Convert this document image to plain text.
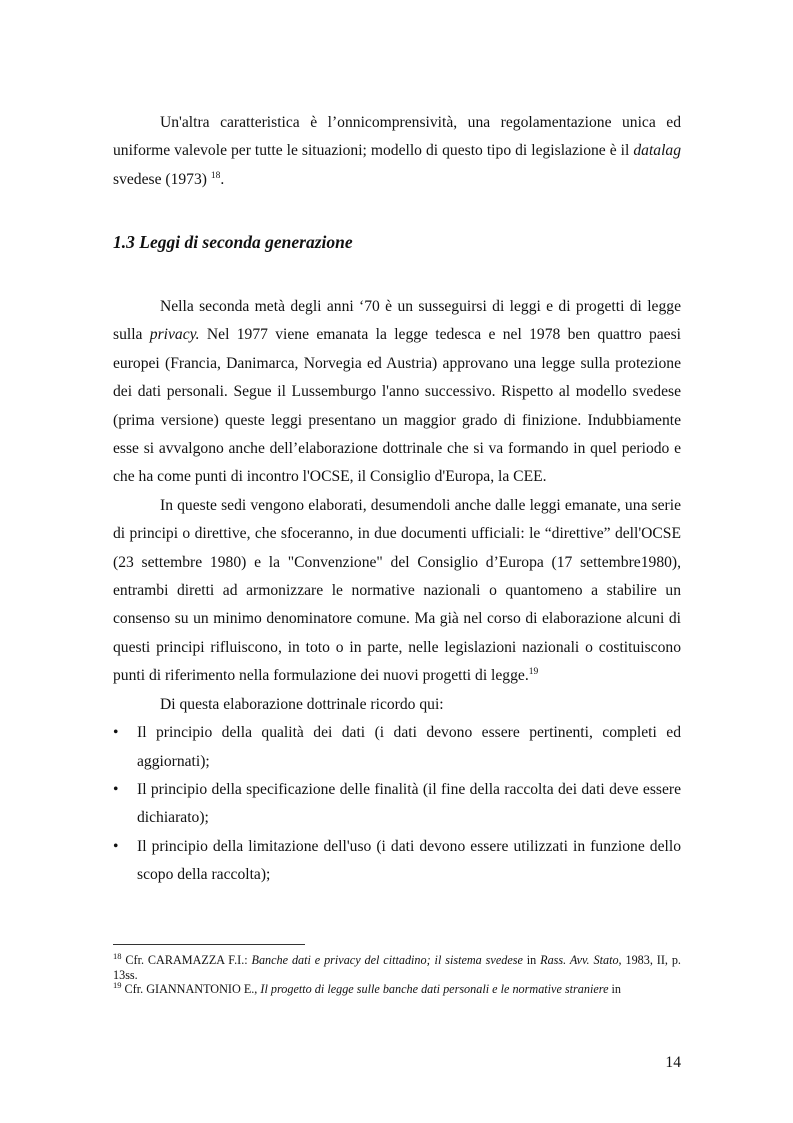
Un'altra caratteristica è l’onnicomprensività, una regolamentazione unica ed uniforme valevole per tutte le situazioni; modello di questo tipo di legislazione è il datalag svedese (1973) $^{18}$.

1.3 Leggi di seconda generazione

Nella seconda metà degli anni ‘70 è un susseguirsi di leggi e di progetti di legge sulla privacy. Nel 1977 viene emanata la legge tedesca e nel 1978 ben quattro paesi europei (Francia, Danimarca, Norvegia ed Austria) approvano una legge sulla protezione dei dati personali. Segue il Lussemburgo l'anno successivo. Rispetto al modello svedese (prima versione) queste leggi presentano un maggior grado di finizione. Indubbiamente esse si avvalgono anche dell’elaborazione dottrinale che si va formando in quel periodo e che ha come punti di incontro l'OCSE, il Consiglio d'Europa, la CEE.

In queste sedi vengono elaborati, desumendoli anche dalle leggi emanate, una serie di principi o direttive, che sfoceranno, in due documenti ufficiali: le “direttive” dell'OCSE (23 settembre 1980) e la "Convenzione" del Consiglio d’Europa (17 settembre1980), entrambi diretti ad armonizzare le normative nazionali o quantomeno a stabilire un consenso su un minimo denominatore comune. Ma già nel corso di elaborazione alcuni di questi principi rifluiscono, in toto o in parte, nelle legislazioni nazionali o costituiscono punti di riferimento nella formulazione dei nuovi progetti di legge.$^{19}$

Di questa elaborazione dottrinale ricordo qui:

• Il principio della qualità dei dati (i dati devono essere pertinenti, completi ed aggiornati);
• Il principio della specificazione delle finalità (il fine della raccolta dei dati deve essere dichiarato);
• Il principio della limitazione dell'uso (i dati devono essere utilizzati in funzione dello scopo della raccolta);

$^{18}$ Cfr. CARAMAZZA F.I.: Banche dati e privacy del cittadino; il sistema svedese in Rass. Avv. Stato, 1983, II, p. 13ss.

$^{19}$ Cfr. GIANNANTONIO E., Il progetto di legge sulle banche dati personali e le normative straniere in

14
